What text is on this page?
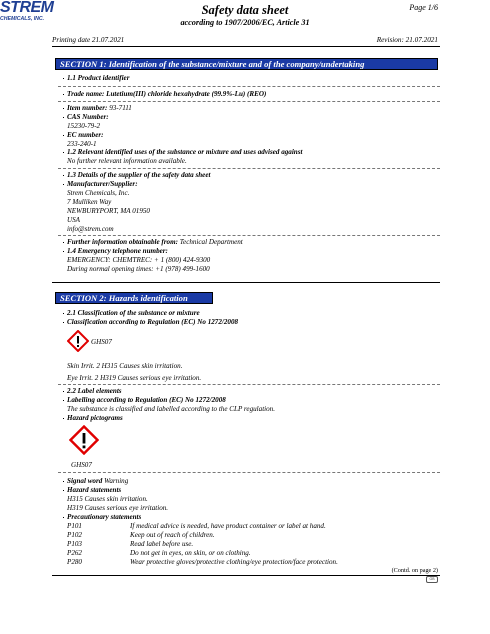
STREM
CHEMICALS, INC.
Safety data sheet
according to 1907/2006/EC, Article 31
Page 1/6
Printing date 21.07.2021	Revision: 21.07.2021
SECTION 1: Identification of the substance/mixture and of the company/undertaking
1.1 Product identifier
Trade name: Lutetium(III) chloride hexahydrate (99.9%-Lu) (REO)
Item number: 93-7111
CAS Number:
15230-79-2
EC number:
233-240-1
1.2 Relevant identified uses of the substance or mixture and uses advised against
No further relevant information available.
1.3 Details of the supplier of the safety data sheet
Manufacturer/Supplier:
Strem Chemicals, Inc.
7 Mulliken Way
NEWBURYPORT, MA 01950
USA
info@strem.com
Further information obtainable from: Technical Department
1.4 Emergency telephone number:
EMERGENCY: CHEMTREC: + 1 (800) 424-9300
During normal opening times: +1 (978) 499-1600
SECTION 2: Hazards identification
2.1 Classification of the substance or mixture
Classification according to Regulation (EC) No 1272/2008
GHS07
Skin Irrit. 2 H315 Causes skin irritation.
Eye Irrit. 2 H319 Causes serious eye irritation.
2.2 Label elements
Labelling according to Regulation (EC) No 1272/2008
The substance is classified and labelled according to the CLP regulation.
Hazard pictograms
GHS07
Signal word Warning
Hazard statements
H315 Causes skin irritation.
H319 Causes serious eye irritation.
Precautionary statements
P101	If medical advice is needed, have product container or label at hand.
P102	Keep out of reach of children.
P103	Read label before use.
P262	Do not get in eyes, on skin, or on clothing.
P280	Wear protective gloves/protective clothing/eye protection/face protection.
(Contd. on page 2)
GB
